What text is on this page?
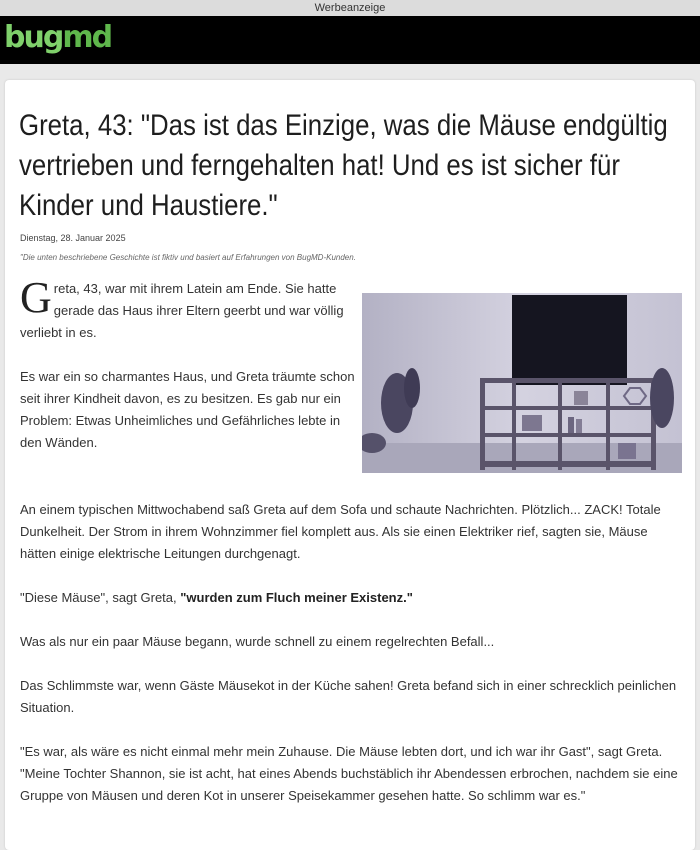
Werbeanzeige
bugmd
Greta, 43: "Das ist das Einzige, was die Mäuse endgültig vertrieben und ferngehalten hat! Und es ist sicher für Kinder und Haustiere."
Dienstag, 28. Januar 2025
"Die unten beschriebene Geschichte ist fiktiv und basiert auf Erfahrungen von BugMD-Kunden.

Greta, 43, war mit ihrem Latein am Ende. Sie hatte gerade das Haus ihrer Eltern geerbt und war völlig verliebt in es.

Es war ein so charmantes Haus, und Greta träumte schon seit ihrer Kindheit davon, es zu besitzen. Es gab nur ein Problem: Etwas Unheimliches und Gefährliches lebte in den Wänden.

An einem typischen Mittwochabend saß Greta auf dem Sofa und schaute Nachrichten. Plötzlich... ZACK! Totale Dunkelheit. Der Strom in ihrem Wohnzimmer fiel komplett aus. Als sie einen Elektriker rief, sagten sie, Mäuse hätten einige elektrische Leitungen durchgenagt.

"Diese Mäuse", sagt Greta, "wurden zum Fluch meiner Existenz."

Was als nur ein paar Mäuse begann, wurde schnell zu einem regelrechten Befall...

Das Schlimmste war, wenn Gäste Mäusekot in der Küche sahen! Greta befand sich in einer schrecklich peinlichen Situation.

"Es war, als wäre es nicht einmal mehr mein Zuhause. Die Mäuse lebten dort, und ich war ihr Gast", sagt Greta. "Meine Tochter Shannon, sie ist acht, hat eines Abends buchstäblich ihr Abendessen erbrochen, nachdem sie eine Gruppe von Mäusen und deren Kot in unserer Speisekammer gesehen hatte. So schlimm war es."
